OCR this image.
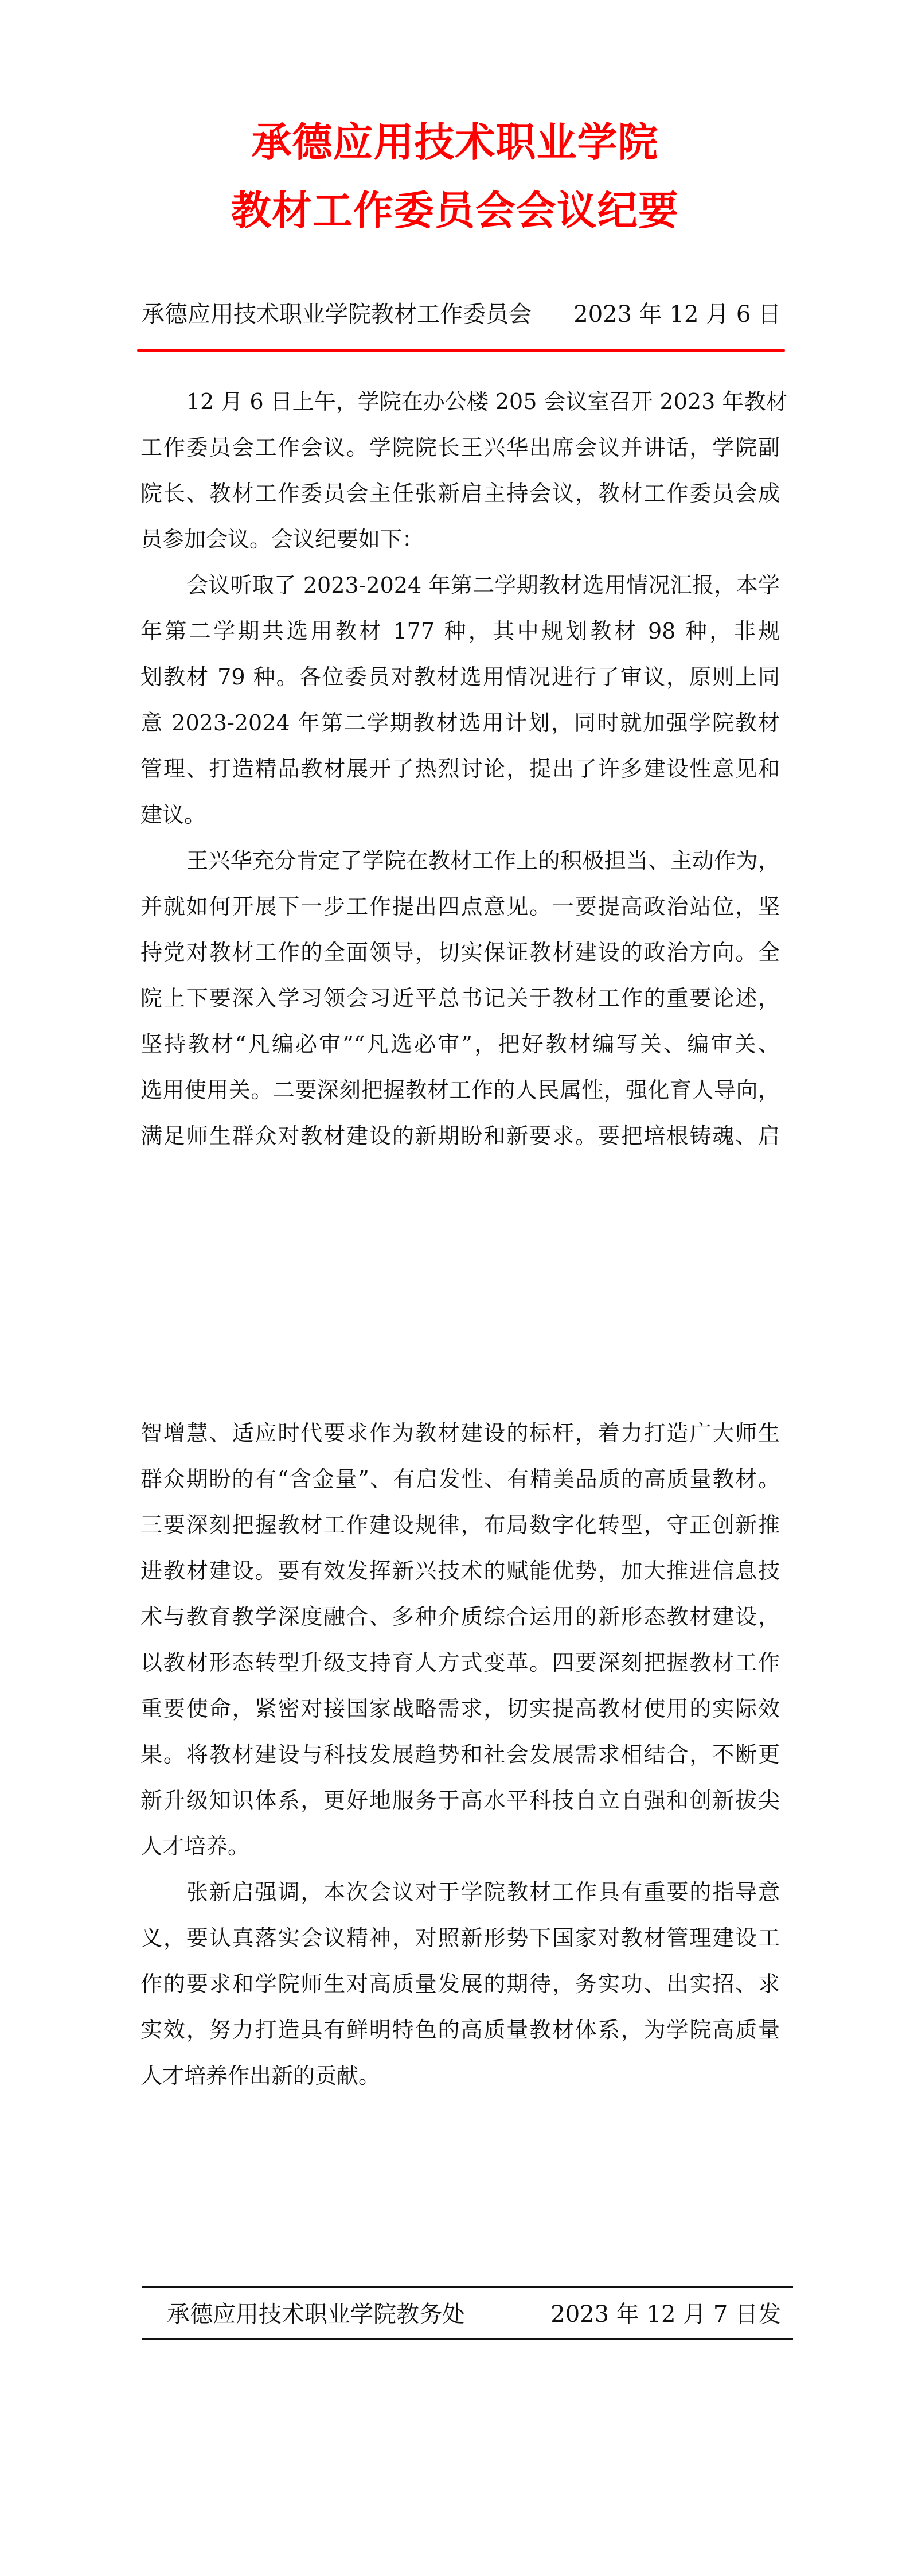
承德应用技术职业学院
教材工作委员会会议纪要
承德应用技术职业学院教材工作委员会 2023 年 12 月 6 日
12 月 6 日上午，学院在办公楼 205 会议室召开 2023 年教材
工作委员会工作会议。学院院长王兴华出席会议并讲话，学院副
院长、教材工作委员会主任张新启主持会议，教材工作委员会成
员参加会议。会议纪要如下：
会议听取了 2023-2024 年第二学期教材选用情况汇报，本学
年第二学期共选用教材 177 种，其中规划教材 98 种，非规
划教材 79 种。各位委员对教材选用情况进行了审议，原则上同
意 2023-2024 年第二学期教材选用计划，同时就加强学院教材
管理、打造精品教材展开了热烈讨论，提出了许多建设性意见和
建议。
王兴华充分肯定了学院在教材工作上的积极担当、主动作为，
并就如何开展下一步工作提出四点意见。一要提高政治站位，坚
持党对教材工作的全面领导，切实保证教材建设的政治方向。全
院上下要深入学习领会习近平总书记关于教材工作的重要论述，
坚持教材“凡编必审”“凡选必审”，把好教材编写关、编审关、
选用使用关。二要深刻把握教材工作的人民属性，强化育人导向，
满足师生群众对教材建设的新期盼和新要求。要把培根铸魂、启
智增慧、适应时代要求作为教材建设的标杆，着力打造广大师生
群众期盼的有“含金量”、有启发性、有精美品质的高质量教材。
三要深刻把握教材工作建设规律，布局数字化转型，守正创新推
进教材建设。要有效发挥新兴技术的赋能优势，加大推进信息技
术与教育教学深度融合、多种介质综合运用的新形态教材建设，
以教材形态转型升级支持育人方式变革。四要深刻把握教材工作
重要使命，紧密对接国家战略需求，切实提高教材使用的实际效
果。将教材建设与科技发展趋势和社会发展需求相结合，不断更
新升级知识体系，更好地服务于高水平科技自立自强和创新拔尖
人才培养。
张新启强调，本次会议对于学院教材工作具有重要的指导意
义，要认真落实会议精神，对照新形势下国家对教材管理建设工
作的要求和学院师生对高质量发展的期待，务实功、出实招、求
实效，努力打造具有鲜明特色的高质量教材体系，为学院高质量
人才培养作出新的贡献。
承德应用技术职业学院教务处	2023 年 12 月 7 日发
